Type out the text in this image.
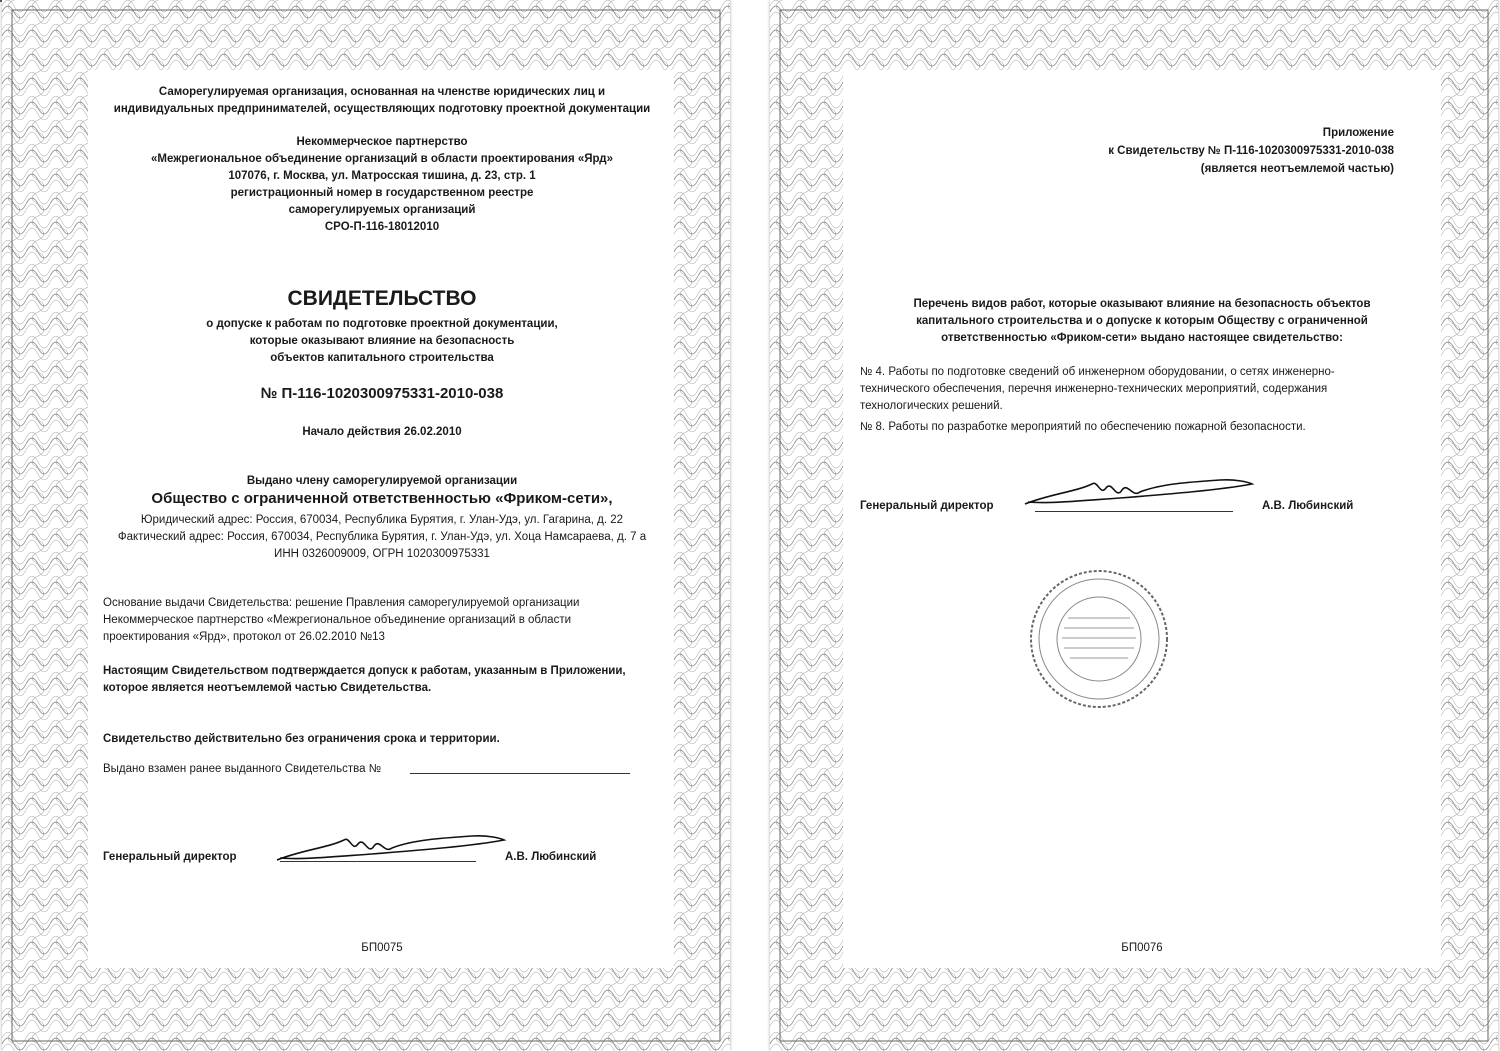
Саморегулируемая организация, основанная на членстве юридических лиц и
индивидуальных предпринимателей, осуществляющих подготовку проектной документации
Некоммерческое партнерство
«Межрегиональное объединение организаций в области проектирования «Ярд»
107076, г. Москва, ул. Матросская тишина, д. 23, стр. 1
регистрационный номер в государственном реестре
саморегулируемых организаций
СРО-П-116-18012010
СВИДЕТЕЛЬСТВО
о допуске к работам по подготовке проектной документации,
которые оказывают влияние на безопасность
объектов капитального строительства
№ П-116-1020300975331-2010-038
Начало действия 26.02.2010
Выдано члену саморегулируемой организации
Общество с ограниченной ответственностью «Фриком-сети»,
Юридический адрес: Россия, 670034, Республика Бурятия, г. Улан-Удэ, ул. Гагарина, д. 22
Фактический адрес: Россия, 670034, Республика Бурятия, г. Улан-Удэ, ул. Хоца Намсараева, д. 7 а
ИНН 0326009009, ОГРН 1020300975331
Основание выдачи Свидетельства: решение Правления саморегулируемой организации
Некоммерческое партнерство «Межрегиональное объединение организаций в области
проектирования «Ярд», протокол от 26.02.2010 №13
Настоящим Свидетельством подтверждается допуск к работам, указанным в Приложении,
которое является неотъемлемой частью Свидетельства.
Свидетельство действительно без ограничения срока и территории.
Выдано взамен ранее выданного Свидетельства №
Генеральный директор	А.В. Любинский
БП0075
Приложение
к Свидетельству № П-116-1020300975331-2010-038
(является неотъемлемой частью)
Перечень видов работ, которые оказывают влияние на безопасность объектов
капитального строительства и о допуске к которым Обществу с ограниченной
ответственностью «Фриком-сети» выдано настоящее свидетельство:
№ 4. Работы по подготовке сведений об инженерном оборудовании, о сетях инженерно-
технического обеспечения, перечня инженерно-технических мероприятий, содержания
технологических решений.
№ 8. Работы по разработке мероприятий по обеспечению пожарной безопасности.
Генеральный директор	А.В. Любинский
БП0076
